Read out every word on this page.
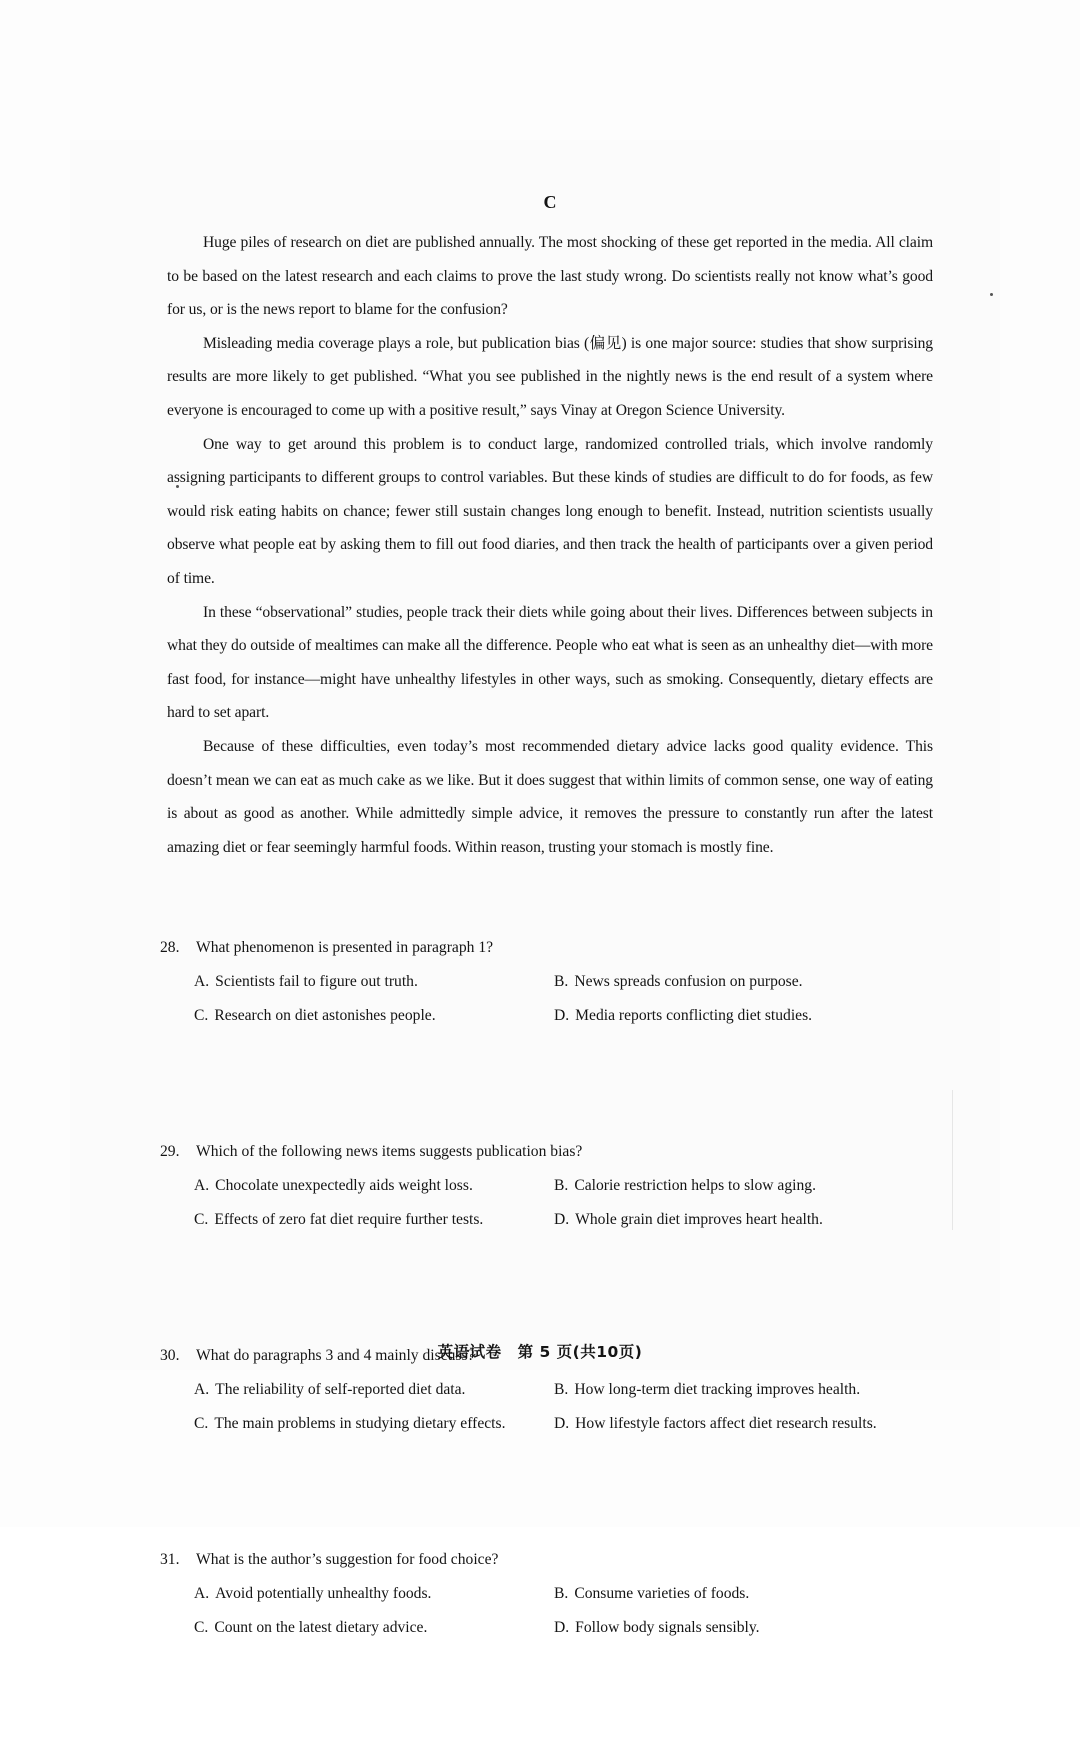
C

Huge piles of research on diet are published annually. The most shocking of these get reported in the media. All claim to be based on the latest research and each claims to prove the last study wrong. Do scientists really not know what’s good for us, or is the news report to blame for the confusion?

Misleading media coverage plays a role, but publication bias (偏见) is one major source: studies that show surprising results are more likely to get published. “What you see published in the nightly news is the end result of a system where everyone is encouraged to come up with a positive result,” says Vinay at Oregon Science University.

One way to get around this problem is to conduct large, randomized controlled trials, which involve randomly assigning participants to different groups to control variables. But these kinds of studies are difficult to do for foods, as few would risk eating habits on chance; fewer still sustain changes long enough to benefit. Instead, nutrition scientists usually observe what people eat by asking them to fill out food diaries, and then track the health of participants over a given period of time.

In these “observational” studies, people track their diets while going about their lives. Differences between subjects in what they do outside of mealtimes can make all the difference. People who eat what is seen as an unhealthy diet—with more fast food, for instance—might have unhealthy lifestyles in other ways, such as smoking. Consequently, dietary effects are hard to set apart.

Because of these difficulties, even today’s most recommended dietary advice lacks good quality evidence. This doesn’t mean we can eat as much cake as we like. But it does suggest that within limits of common sense, one way of eating is about as good as another. While admittedly simple advice, it removes the pressure to constantly run after the latest amazing diet or fear seemingly harmful foods. Within reason, trusting your stomach is mostly fine.

28. What phenomenon is presented in paragraph 1?
A. Scientists fail to figure out truth.	B. News spreads confusion on purpose.
C. Research on diet astonishes people.	D. Media reports conflicting diet studies.
29. Which of the following news items suggests publication bias?
A. Chocolate unexpectedly aids weight loss.	B. Calorie restriction helps to slow aging.
C. Effects of zero fat diet require further tests.	D. Whole grain diet improves heart health.
30. What do paragraphs 3 and 4 mainly discuss?
A. The reliability of self-reported diet data.	B. How long-term diet tracking improves health.
C. The main problems in studying dietary effects.	D. How lifestyle factors affect diet research results.
31. What is the author’s suggestion for food choice?
A. Avoid potentially unhealthy foods.	B. Consume varieties of foods.
C. Count on the latest dietary advice.	D. Follow body signals sensibly.
英语试卷　第 5 页(共10页)
